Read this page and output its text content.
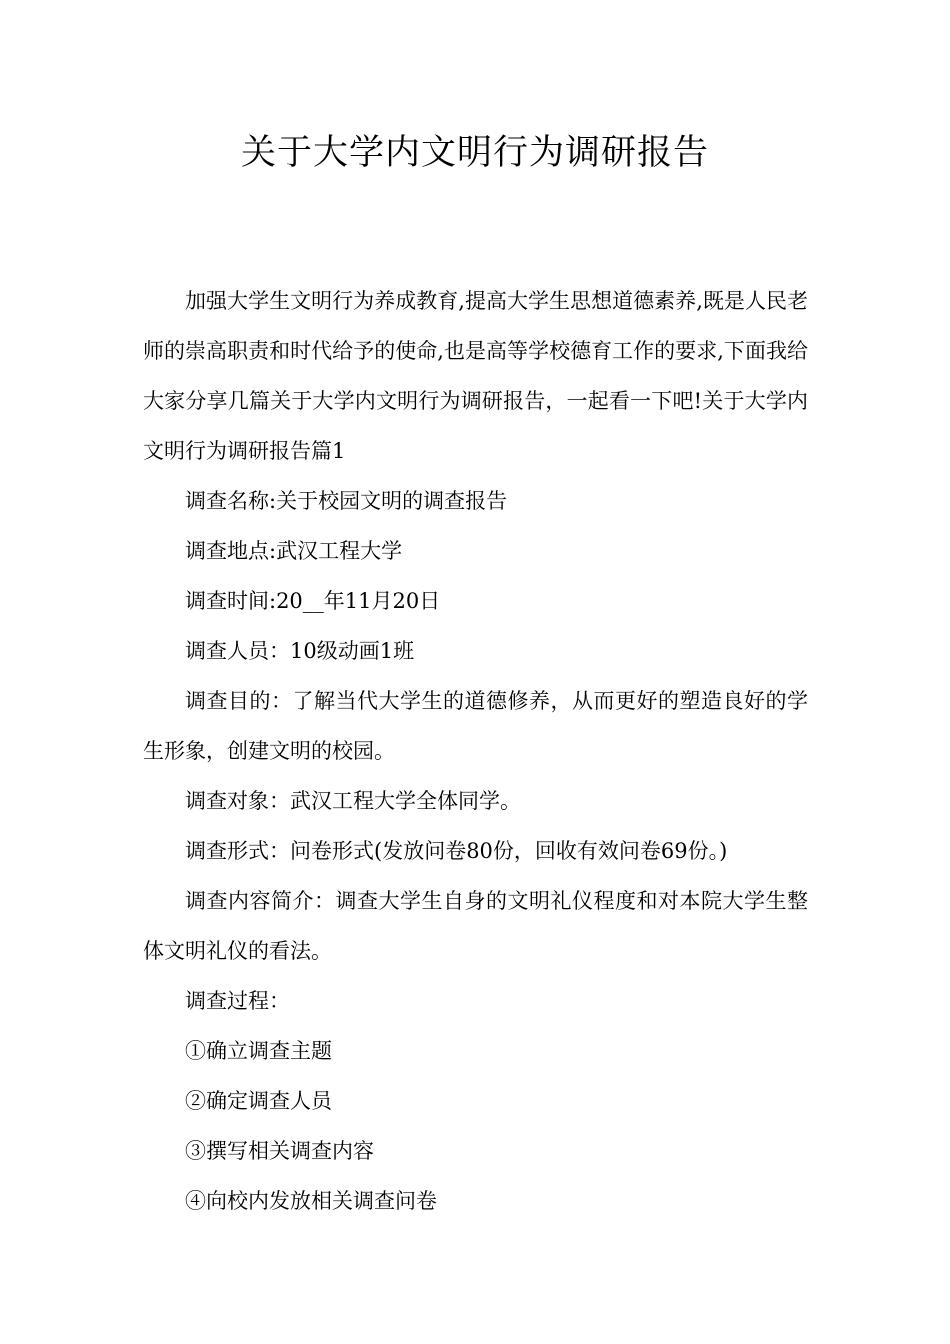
关于大学内文明行为调研报告

加强大学生文明行为养成教育,提高大学生思想道德素养,既是人民老师的崇高职责和时代给予的使命,也是高等学校德育工作的要求,下面我给大家分享几篇关于大学内文明行为调研报告，一起看一下吧!关于大学内文明行为调研报告篇1

调查名称:关于校园文明的调查报告

调查地点:武汉工程大学

调查时间:20__年11月20日

调查人员：10级动画1班

调查目的：了解当代大学生的道德修养，从而更好的塑造良好的学生形象，创建文明的校园。

调查对象：武汉工程大学全体同学。

调查形式：问卷形式(发放问卷80份，回收有效问卷69份。)

调查内容简介：调查大学生自身的文明礼仪程度和对本院大学生整体文明礼仪的看法。

调查过程：

①确立调查主题

②确定调查人员

③撰写相关调查内容

④向校内发放相关调查问卷
